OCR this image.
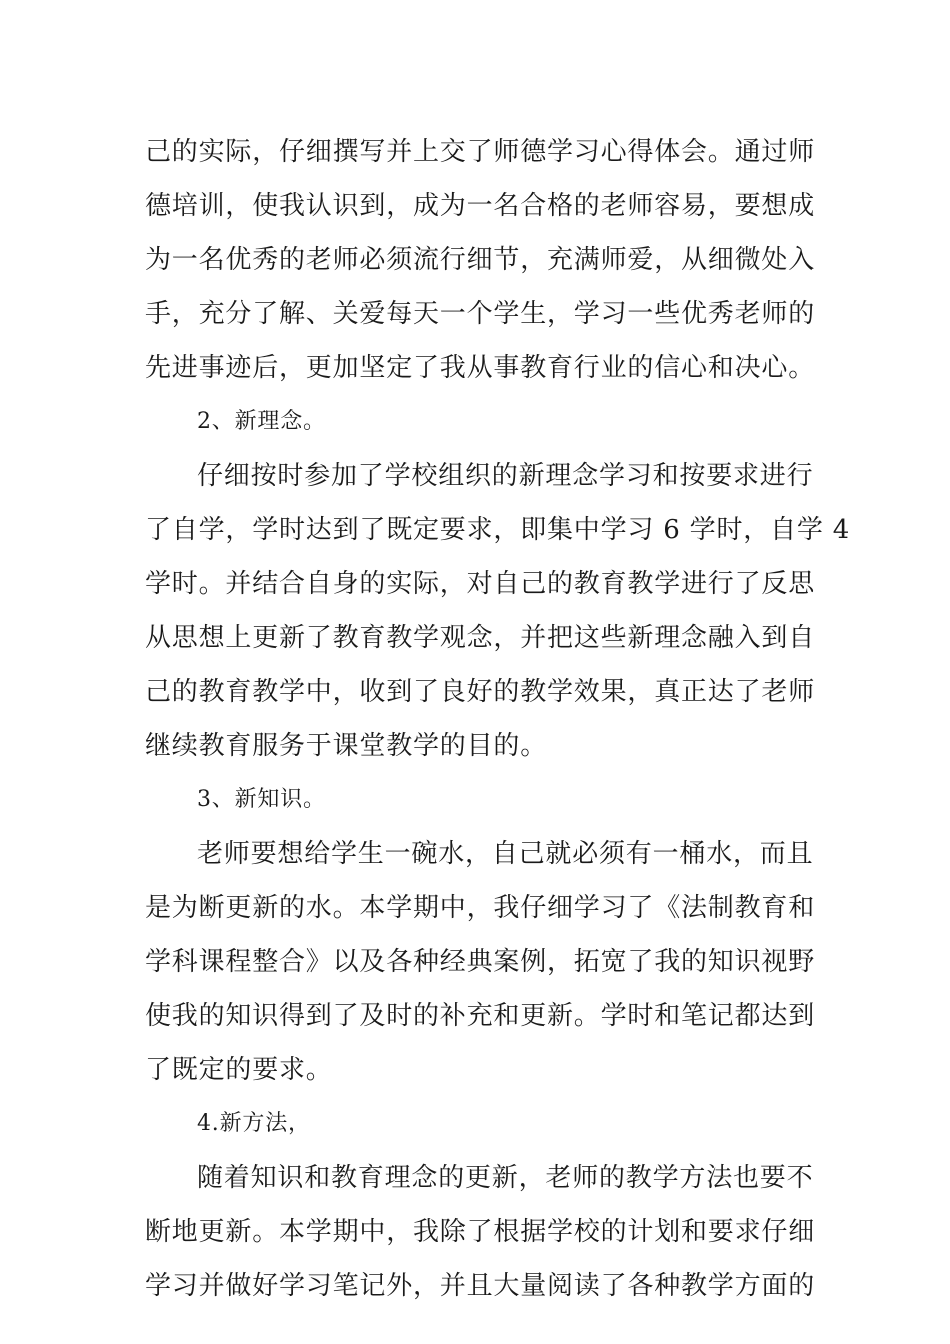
己的实际，仔细撰写并上交了师德学习心得体会。通过师
德培训，使我认识到，成为一名合格的老师容易，要想成
为一名优秀的老师必须流行细节，充满师爱，从细微处入
手，充分了解、关爱每天一个学生，学习一些优秀老师的
先进事迹后，更加坚定了我从事教育行业的信心和决心。
2、新理念。
仔细按时参加了学校组织的新理念学习和按要求进行
了自学，学时达到了既定要求，即集中学习 6 学时，自学 4
学时。并结合自身的实际，对自己的教育教学进行了反思
从思想上更新了教育教学观念，并把这些新理念融入到自
己的教育教学中，收到了良好的教学效果，真正达了老师
继续教育服务于课堂教学的目的。
3、新知识。
老师要想给学生一碗水，自己就必须有一桶水，而且
是为断更新的水。本学期中，我仔细学习了《法制教育和
学科课程整合》以及各种经典案例，拓宽了我的知识视野
使我的知识得到了及时的补充和更新。学时和笔记都达到
了既定的要求。
4.新方法，
随着知识和教育理念的更新，老师的教学方法也要不
断地更新。本学期中，我除了根据学校的计划和要求仔细
学习并做好学习笔记外，并且大量阅读了各种教学方面的
